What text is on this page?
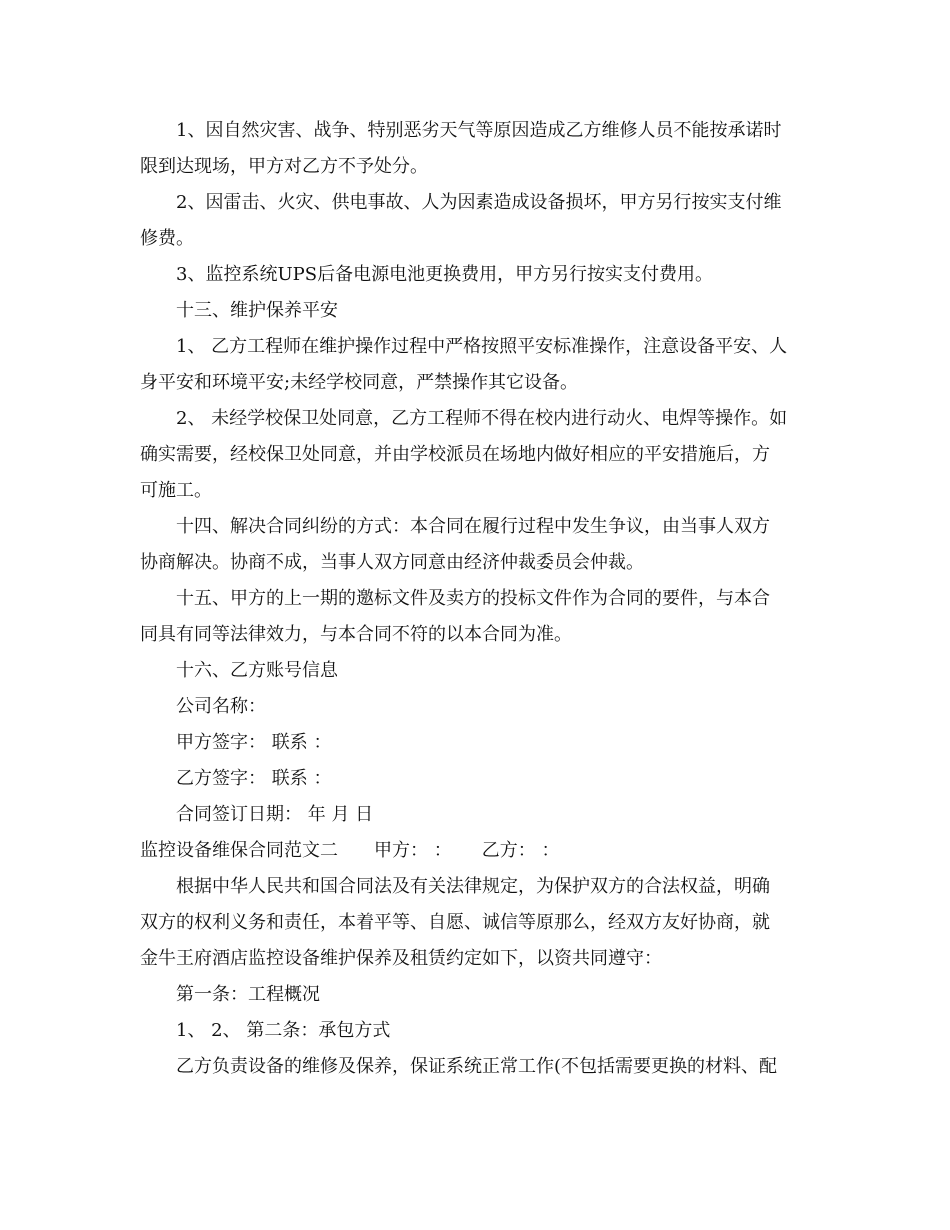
1、因自然灾害、战争、特别恶劣天气等原因造成乙方维修人员不能按承诺时

限到达现场，甲方对乙方不予处分。

2、因雷击、火灾、供电事故、人为因素造成设备损坏，甲方另行按实支付维

修费。

3、监控系统UPS后备电源电池更换费用，甲方另行按实支付费用。

十三、维护保养平安

1、 乙方工程师在维护操作过程中严格按照平安标准操作，注意设备平安、人

身平安和环境平安;未经学校同意，严禁操作其它设备。

2、 未经学校保卫处同意，乙方工程师不得在校内进行动火、电焊等操作。如

确实需要，经校保卫处同意，并由学校派员在场地内做好相应的平安措施后，方

可施工。

十四、解决合同纠纷的方式：本合同在履行过程中发生争议，由当事人双方

协商解决。协商不成，当事人双方同意由经济仲裁委员会仲裁。

十五、甲方的上一期的邀标文件及卖方的投标文件作为合同的要件，与本合

同具有同等法律效力，与本合同不符的以本合同为准。

十六、乙方账号信息

公司名称：

甲方签字： 联系 ：

乙方签字： 联系 ：

合同签订日期： 年 月 日

监控设备维保合同范文二 甲方： ： 乙方： ：

根据中华人民共和国合同法及有关法律规定，为保护双方的合法权益，明确

双方的权利义务和责任，本着平等、自愿、诚信等原那么，经双方友好协商，就

金牛王府酒店监控设备维护保养及租赁约定如下，以资共同遵守：

第一条：工程概况

1、 2、 第二条：承包方式

乙方负责设备的维修及保养，保证系统正常工作(不包括需要更换的材料、配
